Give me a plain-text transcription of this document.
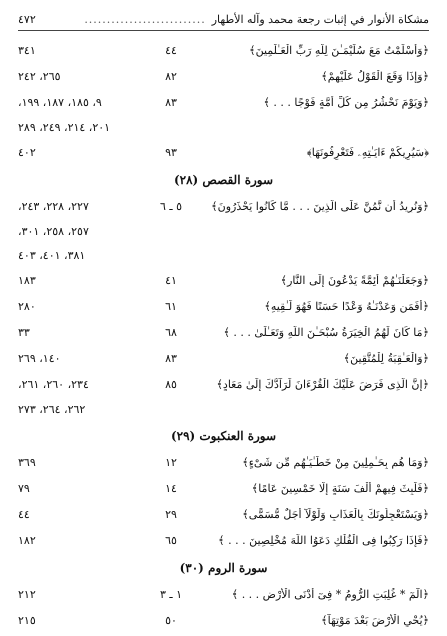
مشكاة الأنوار في إثبات رجعة محمد وآله الأطهار
...........................
٤٧٢
﴿وَأَسْلَمْتُ مَعَ سُلَيْمَـٰنَ لِلَّهِ رَبِّ الْعَـٰلَمِينَ﴾
٤٤
٣٤١
﴿وَإِذَا وَقَعَ الْقَوْلُ عَلَيْهِمْ﴾
٨٢
٢٦٥، ٢٤٢
﴿وَيَوْمَ نَحْشُرُ مِن كُلِّ أُمَّةٍ فَوْجًا . . . ﴾
٨٣
٩، ١٨٥، ١٨٧، ١٩٩،
٢٠١، ٢١٤، ٢٤٩، ٢٨٩
﴿سَيُرِيكُمْ ءَايَـٰتِهِۦ فَتَعْرِفُونَهَا﴾
٩٣
٤٠٢
سورة القصص (٢٨)
﴿وَنُرِيدُ أَن نَّمُنَّ عَلَى الَّذِينَ . . . مَّا كَانُوا يَحْذَرُونَ﴾
٥ ـ ٦
٢٢٧، ٢٢٨، ٢٤٣،
٢٥٧، ٢٥٨، ٣٠١،
٣٨١، ٤٠١، ٤٠٣
﴿وَجَعَلْنَـٰهُمْ أَئِمَّةً يَدْعُونَ إِلَى النَّارِ﴾
٤١
١٨٣
﴿أَفَمَن وَعَدْنَـٰهُ وَعْدًا حَسَنًا فَهُوَ لَـٰقِيهِ﴾
٦١
٢٨٠
﴿مَا كَانَ لَهُمُ الْخِيَرَةُ سُبْحَـٰنَ اللَّهِ وَتَعَـٰلَىٰ . . . ﴾
٦٨
٣٣
﴿وَالْعَـٰقِبَةُ لِلْمُتَّقِينَ﴾
٨٣
١٤٠، ٢٦٩
﴿إِنَّ الَّذِى فَرَضَ عَلَيْكَ الْقُرْءَانَ لَرَآدُّكَ إِلَىٰ مَعَادٍ﴾
٨٥
٢٣٤، ٢٦٠، ٢٦١،
٢٦٢، ٢٦٤، ٢٧٣
سورة العنكبوت (٢٩)
﴿وَمَا هُم بِحَـٰمِلِينَ مِنْ خَطَـٰيَـٰهُم مِّن شَىْءٍ﴾
١٢
٣٦٩
﴿فَلَبِثَ فِيهِمْ أَلْفَ سَنَةٍ إِلَّا خَمْسِينَ عَامًا﴾
١٤
٧٩
﴿وَيَسْتَعْجِلُونَكَ بِالْعَذَابِ وَلَوْلَآ أَجَلٌ مُّسَمًّى﴾
٢٩
٤٤
﴿فَإِذَا رَكِبُوا فِى الْفُلْكِ دَعَوُا اللَّهَ مُخْلِصِينَ . . . ﴾
٦٥
١٨٢
سورة الروم (٣٠)
﴿الٓمٓ * غُلِبَتِ الرُّومُ * فِىٓ أَدْنَى الْأَرْضِ . . . ﴾
١ ـ ٣
٢١٢
﴿يُحْىِ الْأَرْضَ بَعْدَ مَوْتِهَآ﴾
٥٠
٢١٥
